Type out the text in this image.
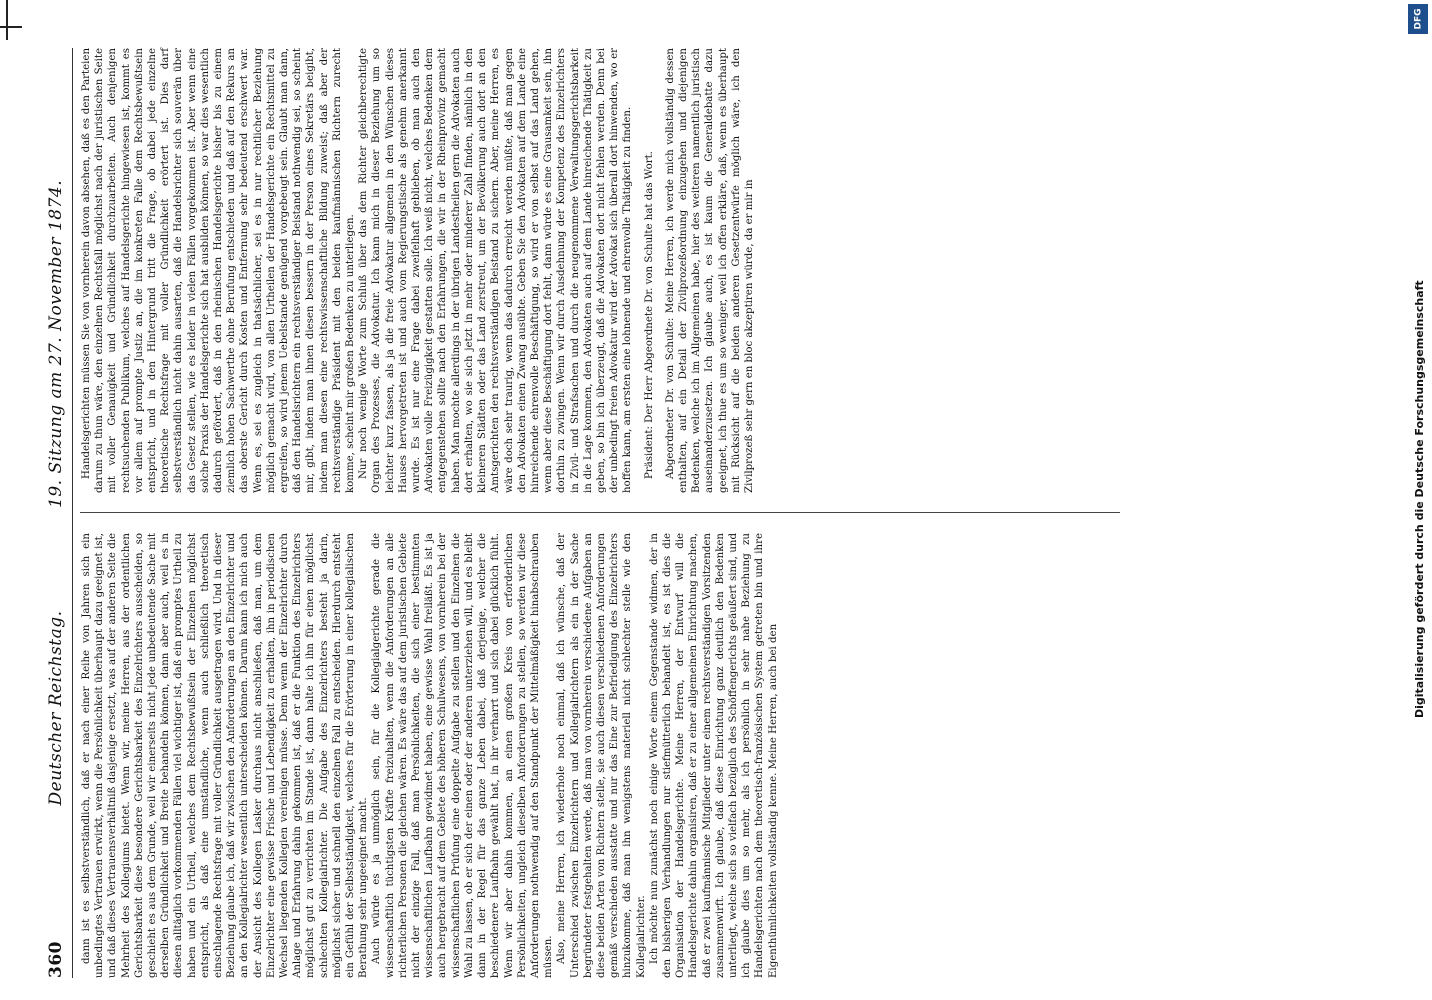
360
Deutscher Reichstag.
19. Sitzung am 27. November 1874.

dann ist es selbstverständlich, daß er nach einer Reihe von Jahren sich ein unbedingtes Vertrauen erwirkt, wenn die Persönlichkeit überhaupt dazu geeignet ist, und daß dieses Vertrauensverhältniß dasjenige ersetzt, was auf der anderen Seite die Mehrheit des Kollegiums bietet. Wenn wir, meine Herren, aus der ordentlichen Gerichtsbarkeit diese besondere Gerichtsbarkeit des Einzelrichters ausscheiden, so geschieht es aus dem Grunde, weil wir einerseits nicht jede unbedeutende Sache mit derselben Gründlichkeit und Breite behandeln können, dann aber auch, weil es in diesen alltäglich vorkommenden Fällen viel wichtiger ist, daß ein promptes Urtheil zu haben und ein Urtheil, welches dem Rechtsbewußtsein der Einzelnen möglichst entspricht, als daß eine umständliche, wenn auch schließlich theoretisch einschlagende Rechtsfrage mit voller Gründlichkeit ausgetragen wird. Und in dieser Beziehung glaube ich, daß wir zwischen den Anforderungen an den Einzelrichter und an den Kollegialrichter wesentlich unterscheiden können. Darum kann ich mich auch der Ansicht des Kollegen Lasker durchaus nicht anschließen, daß man, um dem Einzelrichter eine gewisse Frische und Lebendigkeit zu erhalten, ihn in periodischen Wechsel liegenden Kollegien vereinigen müsse. Denn wenn der Einzelrichter durch Anlage und Erfahrung dahin gekommen ist, daß er die Funktion des Einzelrichters möglichst gut zu verrichten im Stande ist, dann halte ich ihn für einen möglichst schlechten Kollegialrichter. Die Aufgabe des Einzelrichters besteht ja darin, möglichst sicher und schnell den einzelnen Fall zu entscheiden. Hierdurch entsteht ein Gefühl der Selbstständigkeit, welches für die Erörterung in einer kollegialischen Berathung sehr ungeeignet macht. Auch würde es ja unmöglich sein, für die Kollegialgerichte gerade die wissenschaftlich tüchtigsten Kräfte freizuhalten, wenn die Anforderungen an alle richterlichen Personen die gleichen wären. Es wäre das auf dem juristischen Gebiete nicht der einzige Fall, daß man Persönlichkeiten, die sich einer bestimmten wissenschaftlichen Laufbahn gewidmet haben, eine gewisse Wahl freiläßt. Es ist ja auch hergebracht auf dem Gebiete des höheren Schulwesens, von vornherein bei der wissenschaftlichen Prüfung eine doppelte Aufgabe zu stellen und den Einzelnen die Wahl zu lassen, ob er sich der einen oder der anderen unterziehen will, und es bleibt dann in der Regel für das ganze Leben dabei, daß derjenige, welcher die beschiedenere Laufbahn gewählt hat, in ihr verharrt und sich dabei glücklich fühlt. Wenn wir aber dahin kommen, an einen großen Kreis von erforderlichen Persönlichkeiten, ungleich dieselben Anforderungen zu stellen, so werden wir diese Anforderungen nothwendig auf den Standpunkt der Mittelmäßigkeit hinabschrauben müssen. Also, meine Herren, ich wiederhole noch einmal, daß ich wünsche, daß der Unterschied zwischen Einzelrichtern und Kollegialrichtern als ein in der Sache begründeter festgehalten werde, daß man von vornherein verschiedene Aufgaben an diese beiden Arten von Richtern stelle, sie auch diesen verschiedenen Anforderungen gemäß verschieden ausstatte und nur das Eine zur Befriedigung des Einzelrichters hinzukomme, daß man ihn wenigstens materiell nicht schlechter stelle wie den Kollegialrichter. Ich möchte nun zunächst noch einige Worte einem Gegenstande widmen, der in den bisherigen Verhandlungen nur stiefmütterlich behandelt ist, es ist dies die Organisation der Handelsgerichte. Meine Herren, der Entwurf will die Handelsgerichte dahin organisiren, daß er zu einer allgemeinen Einrichtung machen, daß er zwei kaufmännische Mitglieder unter einem rechtsverständigen Vorsitzenden zusammenwirft. Ich glaube, daß diese Einrichtung ganz deutlich den Bedenken unterliegt, welche sich so vielfach bezüglich des Schöffengerichts geäußert sind, und ich glaube dies um so mehr, als ich persönlich in sehr nahe Beziehung zu Handelsgerichten nach dem theoretisch-französischen System getreten bin und ihre Eigenthümlichkeiten vollständig kenne. Meine Herren, auch bei den

Handelsgerichten müssen Sie von vornherein davon absehen, daß es den Parteien darum zu thun wäre, den einzelnen Rechtsfall möglichst nach der juristischen Seite mit voller Genauigkeit und Gründlichkeit durchzuarbeiten. Auch denjenigen rechtsuchenden Publikum, welches auf Handelsgerichte hingewiesen ist, kommt es vor allem auf prompte Justiz an, die im konkreten Falle dem Rechtsbewußtsein entspricht, und in den Hintergrund tritt die Frage, ob dabei jede einzelne theoretische Rechtsfrage mit voller Gründlichkeit erörtert ist. Dies darf selbstverständlich nicht dahin ausarten, daß die Handelsrichter sich souverän über das Gesetz stellen, wie es leider in vielen Fällen vorgekommen ist. Aber wenn eine solche Praxis der Handelsgerichte sich hat ausbilden können, so war dies wesentlich dadurch gefördert, daß in den rheinischen Handelsgerichte bisher bis zu einem ziemlich hohen Sachwerthe ohne Berufung entschieden und daß auf den Rekurs an das oberste Gericht durch Kosten und Entfernung sehr bedeutend erschwert war. Wenn es, sei es zugleich in thatsächlicher, sei es in nur rechtlicher Beziehung möglich gemacht wird, von allen Urtheilen der Handelsgerichte ein Rechtsmittel zu ergreifen, so wird jenem Uebelstande genügend vorgebeugt sein. Glaubt man dann, daß den Handelsrichtern ein rechtsverständiger Beistand nothwendig sei, so scheint mir, gibt, indem man ihnen diesen bessern in der Person eines Sekretärs beigibt, indem man diesen eine rechtswissenschaftliche Bildung zuweist; daß aber der rechtsverständige Präsident mit den beiden kaufmännischen Richtern zurecht komme, scheint mir großen Bedenken zu unterliegen. Nur noch wenige Worte zum Schluß über das dem Richter gleichberechtigte Organ des Prozesses, die Advokatur. Ich kann mich in dieser Beziehung um so leichter kurz fassen, als ja die freie Advokatur allgemein in den Wünschen dieses Hauses hervorgetreten ist und auch vom Regierungstische als genehm anerkannt wurde. Es ist nur eine Frage dabei zweifelhaft geblieben, ob man auch den Advokaten volle Freizügigkeit gestatten solle. Ich weiß nicht, welches Bedenken dem entgegenstehen sollte nach den Erfahrungen, die wir in der Rheinprovinz gemacht haben. Man mochte allerdings in der übrigen Landestheilen gern die Advokaten auch dort erhalten, wo sie sich jetzt in mehr oder minderer Zahl finden, nämlich in den kleineren Städten oder das Land zerstreut, um der Bevölkerung auch dort an den Amtsgerichten den rechtsverständigen Beistand zu sichern. Aber, meine Herren, es wäre doch sehr traurig, wenn das dadurch erreicht werden müßte, daß man gegen den Advokaten einen Zwang ausübte. Geben Sie den Advokaten auf dem Lande eine hinreichende ehrenvolle Beschäftigung, so wird er von selbst auf das Land gehen, wenn aber diese Beschäftigung dort fehlt, dann würde es eine Grausamkeit sein, ihn dorthin zu zwingen. Wenn wir durch Ausdehnung der Kompetenz des Einzelrichters in Zivil- und Strafsachen und durch die neugenommene Verwaltungsgerichtsbarkeit in die Lage kommen, den Advokaten auch auf dem Lande hinreichende Thätigkeit zu geben, so bin ich überzeugt, daß die Advokaten dort nicht fehlen werden. Denn bei der unbedingt freien Advokatur wird der Advokat sich überall dort hinwenden, wo er hoffen kann, am ersten eine lohnende und ehrenvolle Thätigkeit zu finden. Präsident: Der Herr Abgeordnete Dr. von Schulte hat das Wort. Abgeordneter Dr. von Schulte: Meine Herren, ich werde mich vollständig dessen enthalten, auf ein Detail der Zivilprozeßordnung einzugehen und diejenigen Bedenken, welche ich im Allgemeinen habe, hier des weiteren namentlich juristisch auseinanderzusetzen. Ich glaube auch, es ist kaum die Generaldebatte dazu geeignet, ich thue es um so weniger, weil ich offen erkläre, daß, wenn es überhaupt mit Rücksicht auf die beiden anderen Gesetzentwürfe möglich wäre, ich den Zivilprozeß sehr gern en bloc akzeptiren würde, da er mir in	Digitalisierung gefördert durch die Deutsche Forschungsgemeinschaft
DFG
